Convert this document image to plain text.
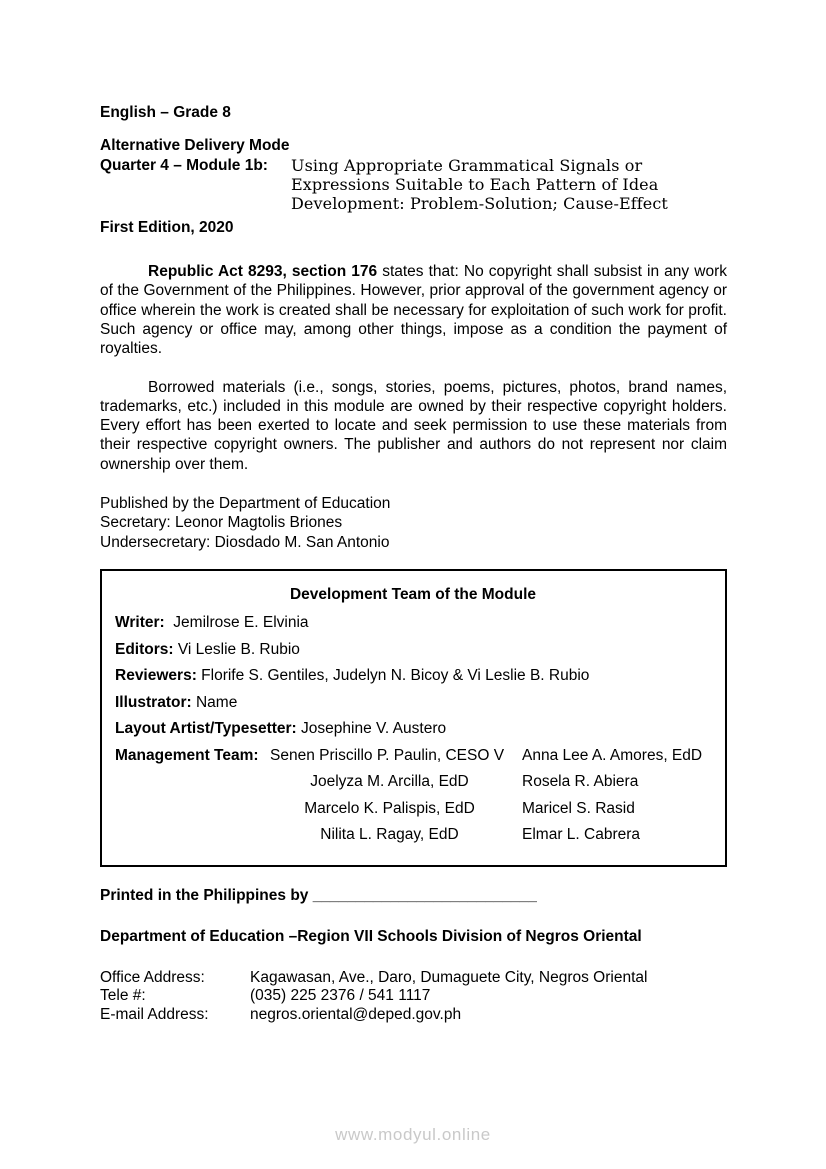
English – Grade 8
Alternative Delivery Mode
Quarter 4 – Module 1b:	Using Appropriate Grammatical Signals or
Expressions Suitable to Each Pattern of Idea
Development: Problem-Solution; Cause-Effect
First Edition, 2020

Republic Act 8293, section 176 states that: No copyright shall subsist in any work of the Government of the Philippines. However, prior approval of the government agency or office wherein the work is created shall be necessary for exploitation of such work for profit. Such agency or office may, among other things, impose as a condition the payment of royalties.

Borrowed materials (i.e., songs, stories, poems, pictures, photos, brand names, trademarks, etc.) included in this module are owned by their respective copyright holders. Every effort has been exerted to locate and seek permission to use these materials from their respective copyright owners. The publisher and authors do not represent nor claim ownership over them.

Published by the Department of Education
Secretary: Leonor Magtolis Briones
Undersecretary: Diosdado M. San Antonio
Development Team of the Module
Writer:  Jemilrose E. Elvinia
Editors: Vi Leslie B. Rubio
Reviewers: Florife S. Gentiles, Judelyn N. Bicoy & Vi Leslie B. Rubio
Illustrator: Name
Layout Artist/Typesetter: Josephine V. Austero
Management Team: Senen Priscillo P. Paulin, CESO V	Anna Lee A. Amores, EdD
Joelyza M. Arcilla, EdD	Rosela R. Abiera
Marcelo K. Palispis, EdD	Maricel S. Rasid
Nilita L. Ragay, EdD	Elmar L. Cabrera
Printed in the Philippines by __________________________
Department of Education –Region VII Schools Division of Negros Oriental
Office Address:	Kagawasan, Ave., Daro, Dumaguete City, Negros Oriental
Tele #:	(035) 225 2376 / 541 1117
E-mail Address:	negros.oriental@deped.gov.ph
www.modyul.online
